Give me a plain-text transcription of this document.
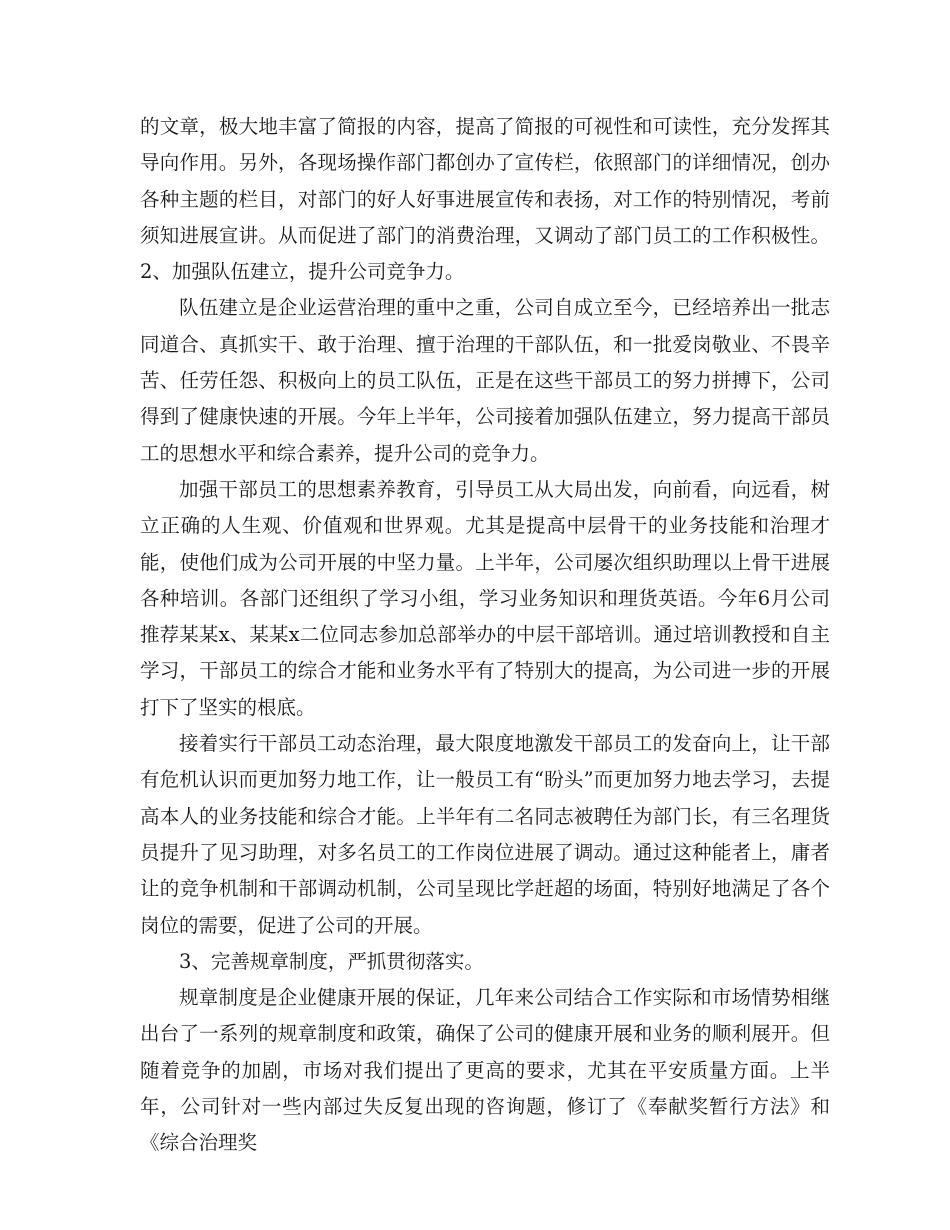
的文章，极大地丰富了简报的内容，提高了简报的可视性和可读性，充分发挥其导向作用。另外，各现场操作部门都创办了宣传栏，依照部门的详细情况，创办各种主题的栏目，对部门的好人好事进展宣传和表扬，对工作的特别情况，考前须知进展宣讲。从而促进了部门的消费治理，又调动了部门员工的工作积极性。2、加强队伍建立，提升公司竞争力。

队伍建立是企业运营治理的重中之重，公司自成立至今，已经培养出一批志同道合、真抓实干、敢于治理、擅于治理的干部队伍，和一批爱岗敬业、不畏辛苦、任劳任怨、积极向上的员工队伍，正是在这些干部员工的努力拼搏下，公司得到了健康快速的开展。今年上半年，公司接着加强队伍建立，努力提高干部员工的思想水平和综合素养，提升公司的竞争力。

加强干部员工的思想素养教育，引导员工从大局出发，向前看，向远看，树立正确的人生观、价值观和世界观。尤其是提高中层骨干的业务技能和治理才能，使他们成为公司开展的中坚力量。上半年，公司屡次组织助理以上骨干进展各种培训。各部门还组织了学习小组，学习业务知识和理货英语。今年6月公司推荐某某x、某某x二位同志参加总部举办的中层干部培训。通过培训教授和自主学习，干部员工的综合才能和业务水平有了特别大的提高，为公司进一步的开展打下了坚实的根底。

接着实行干部员工动态治理，最大限度地激发干部员工的发奋向上，让干部有危机认识而更加努力地工作，让一般员工有“盼头”而更加努力地去学习，去提高本人的业务技能和综合才能。上半年有二名同志被聘任为部门长，有三名理货员提升了见习助理，对多名员工的工作岗位进展了调动。通过这种能者上，庸者让的竞争机制和干部调动机制，公司呈现比学赶超的场面，特别好地满足了各个岗位的需要，促进了公司的开展。

3、完善规章制度，严抓贯彻落实。

规章制度是企业健康开展的保证，几年来公司结合工作实际和市场情势相继出台了一系列的规章制度和政策，确保了公司的健康开展和业务的顺利展开。但随着竞争的加剧，市场对我们提出了更高的要求，尤其在平安质量方面。上半年，公司针对一些内部过失反复出现的咨询题，修订了《奉献奖暂行方法》和《综合治理奖
